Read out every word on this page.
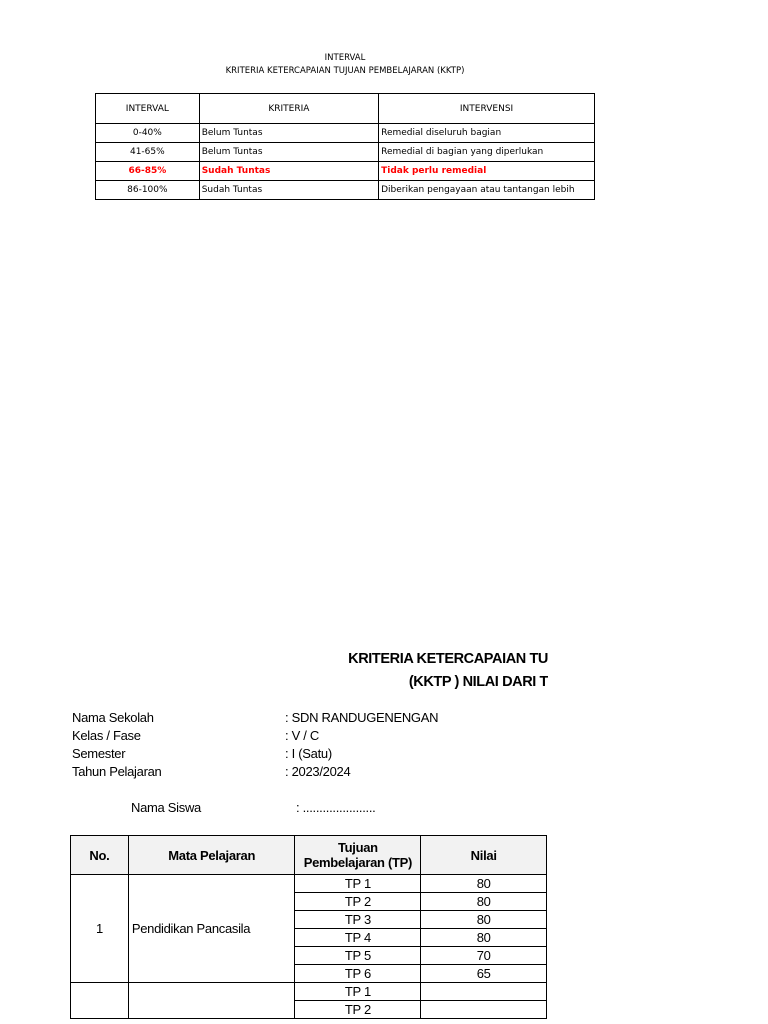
INTERVAL
KRITERIA KETERCAPAIAN TUJUAN PEMBELAJARAN (KKTP)
INTERVAL	KRITERIA	INTERVENSI
0-40%	Belum Tuntas	Remedial diseluruh bagian
41-65%	Belum Tuntas	Remedial di bagian yang diperlukan
66-85%	Sudah Tuntas	Tidak perlu remedial
86-100%	Sudah Tuntas	Diberikan pengayaan atau tantangan lebih
KRITERIA KETERCAPAIAN TU
(KKTP ) NILAI DARI T
Nama Sekolah	: SDN RANDUGENENGAN
Kelas / Fase	: V / C
Semester	: I (Satu)
Tahun Pelajaran	: 2023/2024
Nama Siswa	: ......................
No.	Mata Pelajaran	Tujuan Pembelajaran (TP)	Nilai
1	Pendidikan Pancasila	TP 1	80
		TP 2	80
		TP 3	80
		TP 4	80
		TP 5	70
		TP 6	65
		TP 1	
		TP 2	
